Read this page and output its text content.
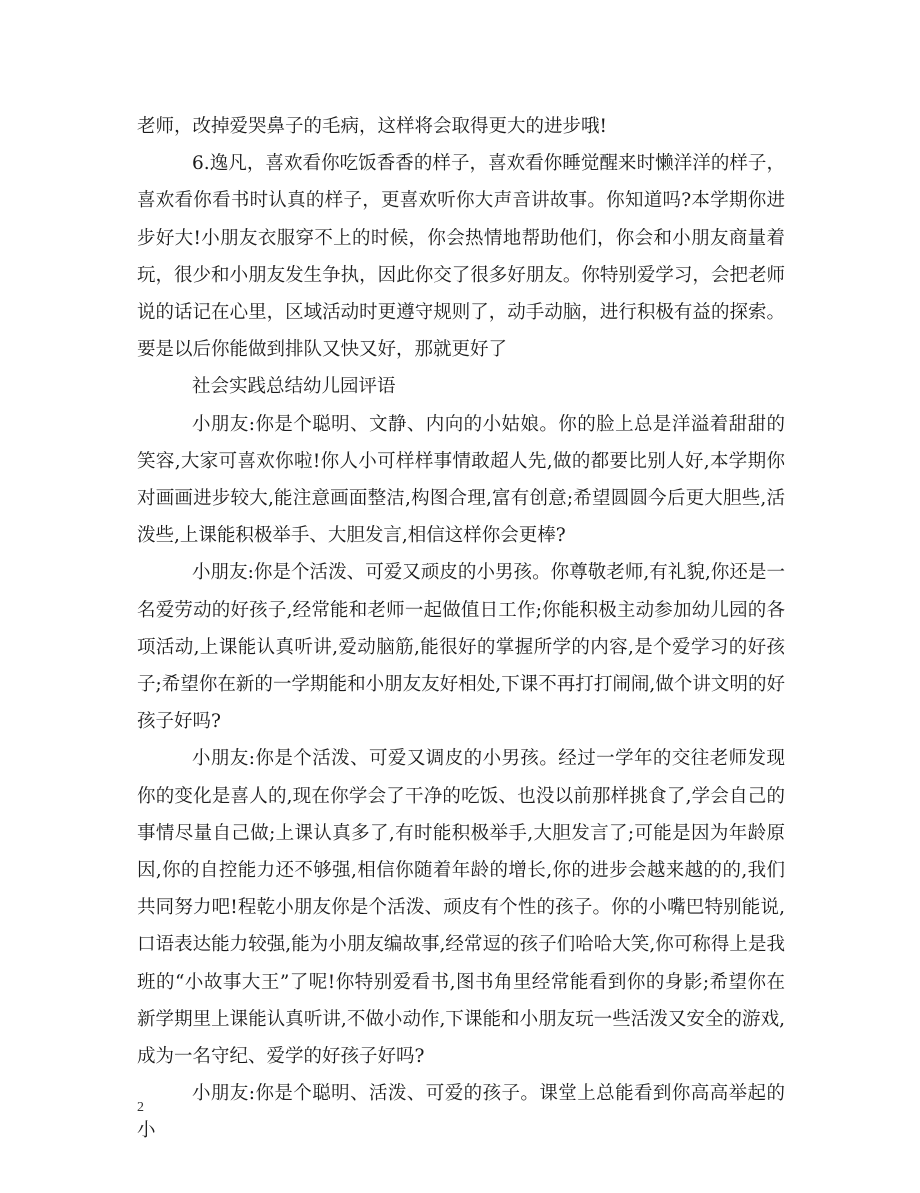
老师，改掉爱哭鼻子的毛病，这样将会取得更大的进步哦!

6.逸凡，喜欢看你吃饭香香的样子，喜欢看你睡觉醒来时懒洋洋的样子，喜欢看你看书时认真的样子，更喜欢听你大声音讲故事。你知道吗?本学期你进步好大!小朋友衣服穿不上的时候，你会热情地帮助他们，你会和小朋友商量着玩，很少和小朋友发生争执，因此你交了很多好朋友。你特别爱学习，会把老师说的话记在心里，区域活动时更遵守规则了，动手动脑，进行积极有益的探索。要是以后你能做到排队又快又好，那就更好了

社会实践总结幼儿园评语

小朋友:你是个聪明、文静、内向的小姑娘。你的脸上总是洋溢着甜甜的笑容,大家可喜欢你啦!你人小可样样事情敢超人先,做的都要比别人好,本学期你对画画进步较大,能注意画面整洁,构图合理,富有创意;希望圆圆今后更大胆些,活泼些,上课能积极举手、大胆发言,相信这样你会更棒?

小朋友:你是个活泼、可爱又顽皮的小男孩。你尊敬老师,有礼貌,你还是一名爱劳动的好孩子,经常能和老师一起做值日工作;你能积极主动参加幼儿园的各项活动,上课能认真听讲,爱动脑筋,能很好的掌握所学的内容,是个爱学习的好孩子;希望你在新的一学期能和小朋友友好相处,下课不再打打闹闹,做个讲文明的好孩子好吗?

小朋友:你是个活泼、可爱又调皮的小男孩。经过一学年的交往老师发现你的变化是喜人的,现在你学会了干净的吃饭、也没以前那样挑食了,学会自己的事情尽量自己做;上课认真多了,有时能积极举手,大胆发言了;可能是因为年龄原因,你的自控能力还不够强,相信你随着年龄的增长,你的进步会越来越的的,我们共同努力吧!程乾小朋友你是个活泼、顽皮有个性的孩子。你的小嘴巴特别能说,口语表达能力较强,能为小朋友编故事,经常逗的孩子们哈哈大笑,你可称得上是我班的“小故事大王”了呢!你特别爱看书,图书角里经常能看到你的身影;希望你在新学期里上课能认真听讲,不做小动作,下课能和小朋友玩一些活泼又安全的游戏,成为一名守纪、爱学的好孩子好吗?

小朋友:你是个聪明、活泼、可爱的孩子。课堂上总能看到你高高举起的小

2
